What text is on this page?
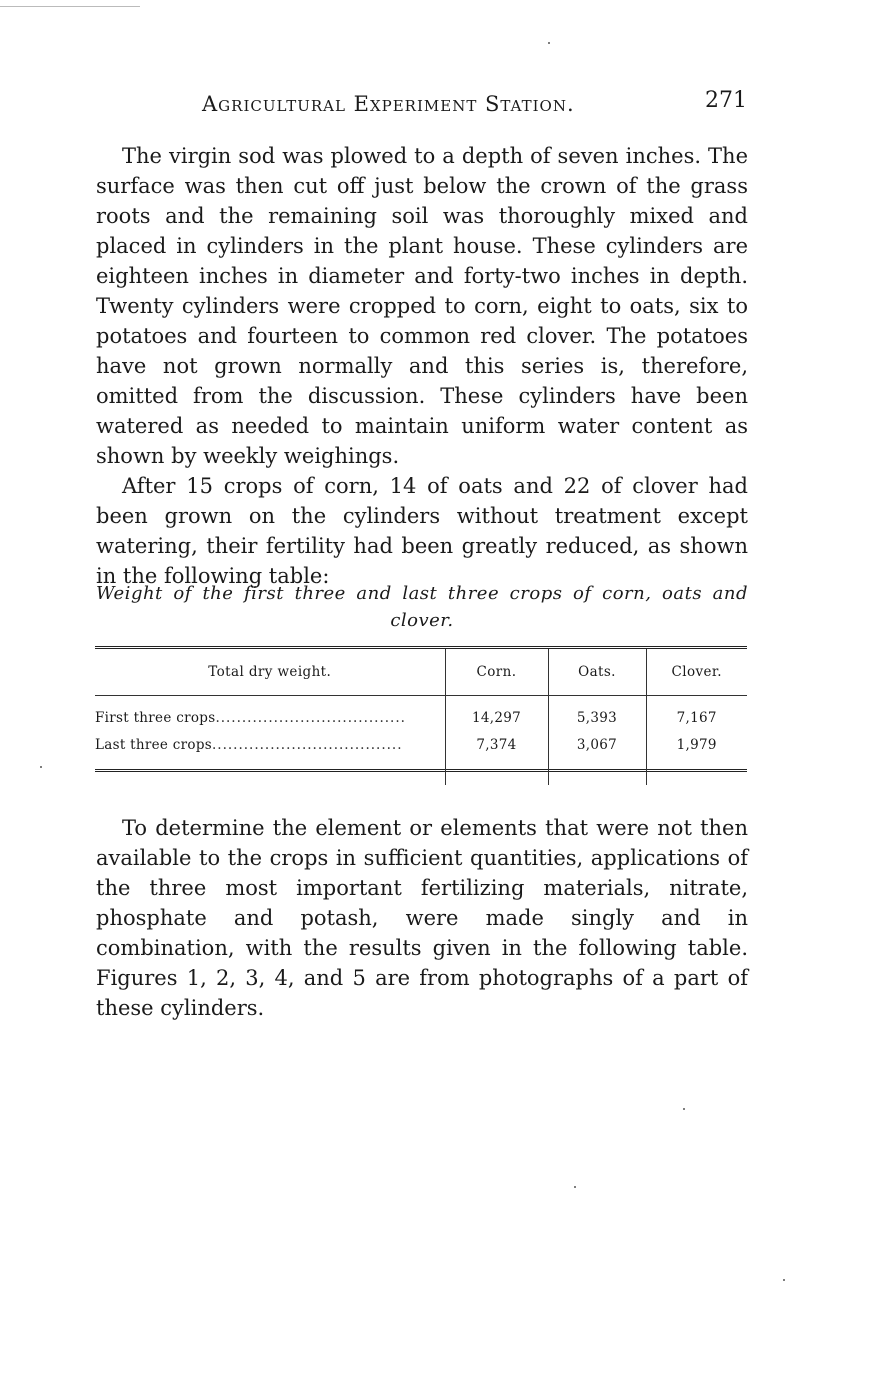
Agricultural Experiment Station.	271

The virgin sod was plowed to a depth of seven inches. The surface was then cut off just below the crown of the grass roots and the remaining soil was thoroughly mixed and placed in cylinders in the plant house. These cylinders are eighteen inches in diameter and forty-two inches in depth. Twenty cylinders were cropped to corn, eight to oats, six to potatoes and fourteen to common red clover. The potatoes have not grown normally and this series is, therefore, omitted from the discussion. These cylinders have been watered as needed to maintain uniform water content as shown by weekly weighings.

After 15 crops of corn, 14 of oats and 22 of clover had been grown on the cylinders without treatment except watering, their fertility had been greatly reduced, as shown in the following table:

Weight of the first three and last three crops of corn, oats and
clover.
Total dry weight.	Corn.	Oats.	Clover.
First three crops....................................	14,297	5,393	7,167
Last three crops....................................	7,374	3,067	1,979

To determine the element or elements that were not then available to the crops in sufficient quantities, applications of the three most important fertilizing materials, nitrate, phosphate and potash, were made singly and in combination, with the results given in the following table. Figures 1, 2, 3, 4, and 5 are from photographs of a part of these cylinders.
